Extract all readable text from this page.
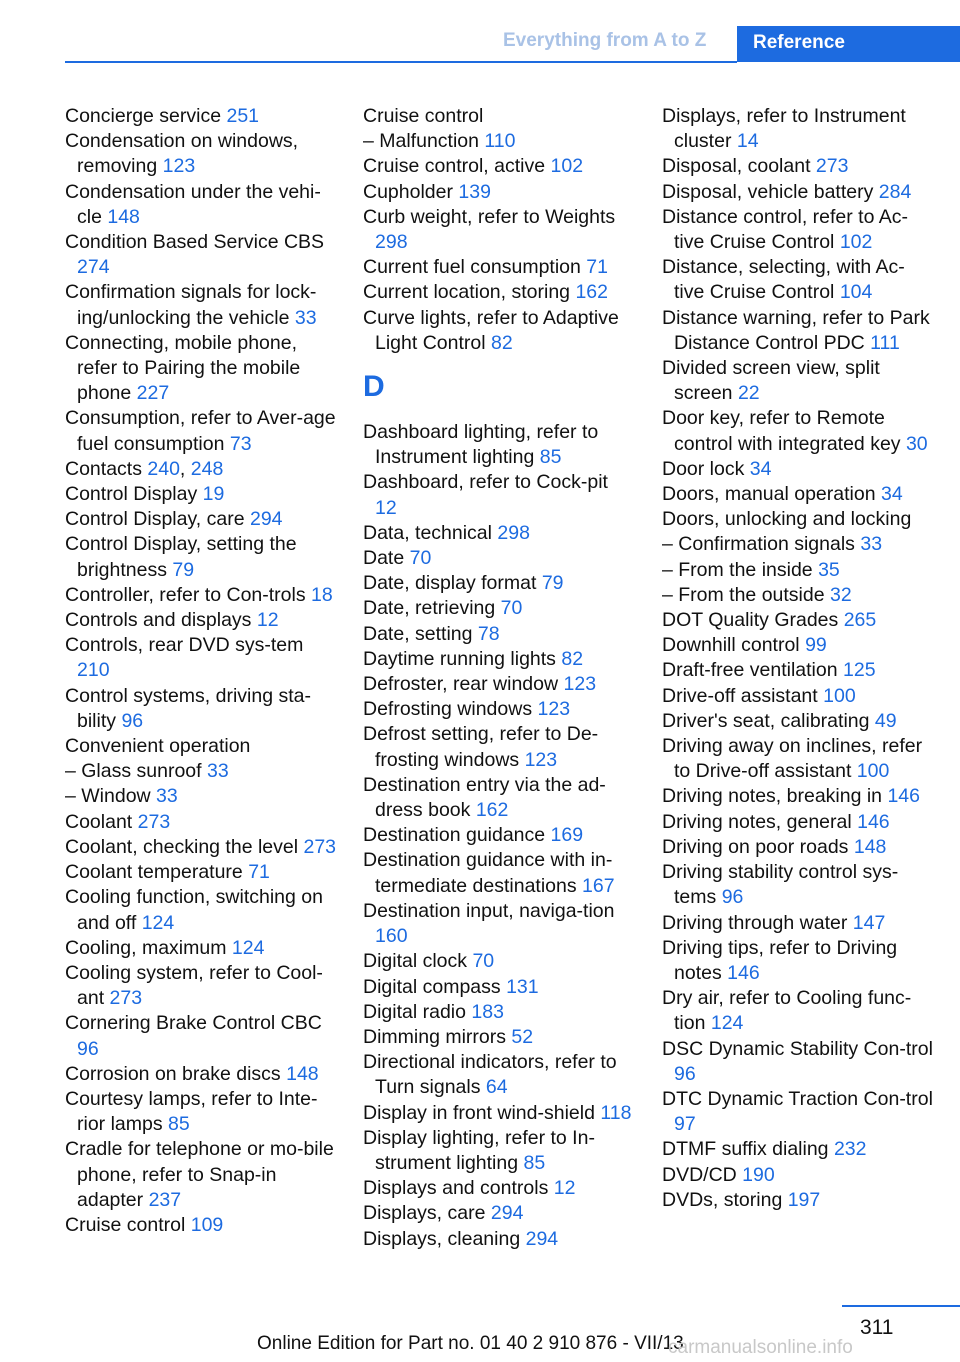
Everything from A to Z	Reference
Concierge service 251
Condensation on windows, removing 123
Condensation under the vehi-cle 148
Condition Based Service CBS 274
Confirmation signals for lock-ing/unlocking the vehicle 33
Connecting, mobile phone, refer to Pairing the mobile phone 227
Consumption, refer to Aver-age fuel consumption 73
Contacts 240, 248
Control Display 19
Control Display, care 294
Control Display, setting the brightness 79
Controller, refer to Con-trols 18
Controls and displays 12
Controls, rear DVD sys-tem 210
Control systems, driving sta-bility 96
Convenient operation
– Glass sunroof 33
– Window 33
Coolant 273
Coolant, checking the level 273
Coolant temperature 71
Cooling function, switching on and off 124
Cooling, maximum 124
Cooling system, refer to Cool-ant 273
Cornering Brake Control CBC 96
Corrosion on brake discs 148
Courtesy lamps, refer to Inte-rior lamps 85
Cradle for telephone or mo-bile phone, refer to Snap-in adapter 237
Cruise control 109
Cruise control
– Malfunction 110
Cruise control, active 102
Cupholder 139
Curb weight, refer to Weights 298
Current fuel consumption 71
Current location, storing 162
Curve lights, refer to Adaptive Light Control 82
D
Dashboard lighting, refer to Instrument lighting 85
Dashboard, refer to Cock-pit 12
Data, technical 298
Date 70
Date, display format 79
Date, retrieving 70
Date, setting 78
Daytime running lights 82
Defroster, rear window 123
Defrosting windows 123
Defrost setting, refer to De-frosting windows 123
Destination entry via the ad-dress book 162
Destination guidance 169
Destination guidance with in-termediate destinations 167
Destination input, naviga-tion 160
Digital clock 70
Digital compass 131
Digital radio 183
Dimming mirrors 52
Directional indicators, refer to Turn signals 64
Display in front wind-shield 118
Display lighting, refer to In-strument lighting 85
Displays and controls 12
Displays, care 294
Displays, cleaning 294
Displays, refer to Instrument cluster 14
Disposal, coolant 273
Disposal, vehicle battery 284
Distance control, refer to Ac-tive Cruise Control 102
Distance, selecting, with Ac-tive Cruise Control 104
Distance warning, refer to Park Distance Control PDC 111
Divided screen view, split screen 22
Door key, refer to Remote control with integrated key 30
Door lock 34
Doors, manual operation 34
Doors, unlocking and locking
– Confirmation signals 33
– From the inside 35
– From the outside 32
DOT Quality Grades 265
Downhill control 99
Draft-free ventilation 125
Drive-off assistant 100
Driver's seat, calibrating 49
Driving away on inclines, refer to Drive-off assistant 100
Driving notes, breaking in 146
Driving notes, general 146
Driving on poor roads 148
Driving stability control sys-tems 96
Driving through water 147
Driving tips, refer to Driving notes 146
Dry air, refer to Cooling func-tion 124
DSC Dynamic Stability Con-trol 96
DTC Dynamic Traction Con-trol 97
DTMF suffix dialing 232
DVD/CD 190
DVDs, storing 197
311
Online Edition for Part no. 01 40 2 910 876 - VII/13
carmanualsonline.info
